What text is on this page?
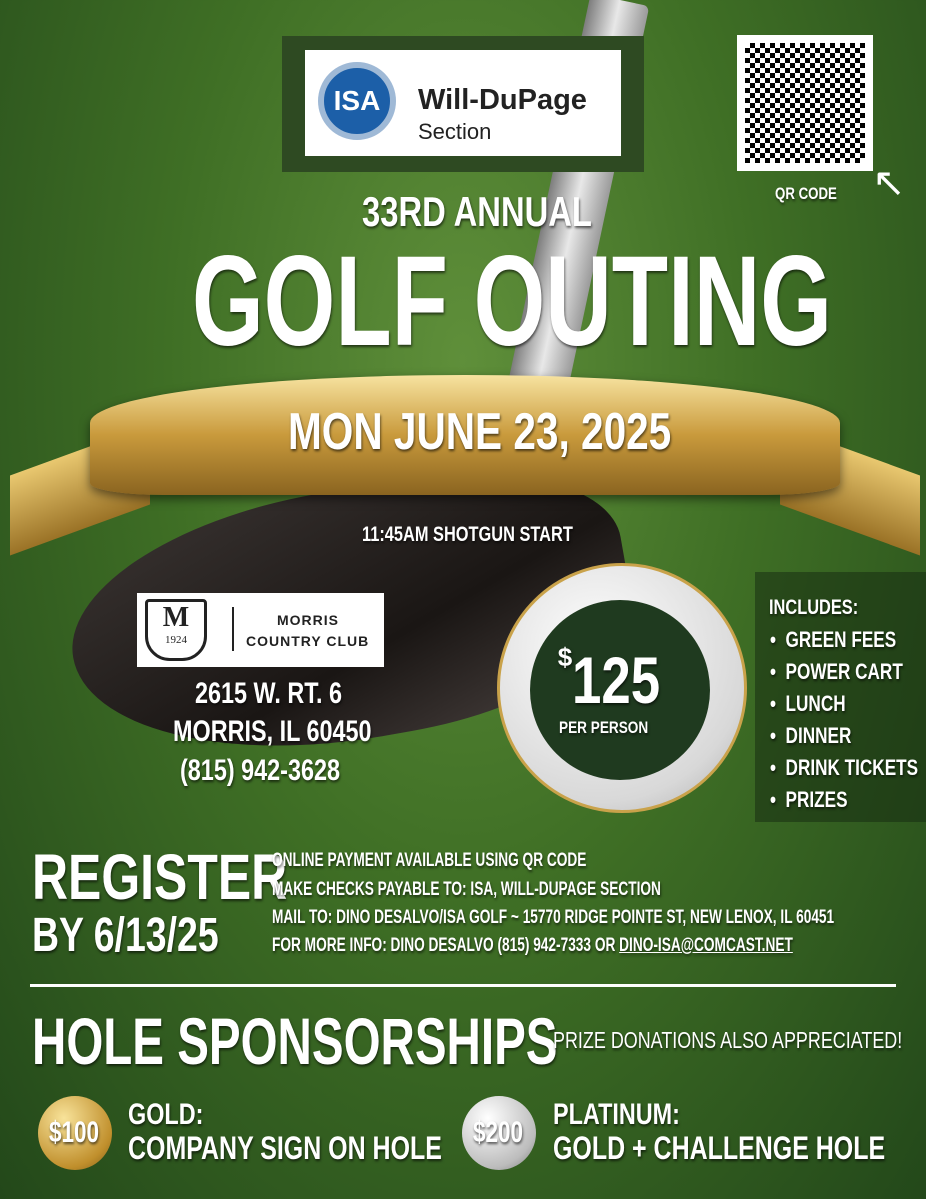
ISA	Will-DuPage
Section
↖
QR CODE
33RD ANNUAL
GOLF OUTING
MON JUNE 23, 2025
11:45AM SHOTGUN START
M
1924
MORRIS
COUNTRY CLUB
2615 W. RT. 6
MORRIS, IL 60450
(815) 942-3628
$125
PER PERSON
INCLUDES:
•  GREEN FEES
•  POWER CART
•  LUNCH
•  DINNER
•  DRINK TICKETS
•  PRIZES
REGISTER
BY 6/13/25
ONLINE PAYMENT AVAILABLE USING QR CODE
MAKE CHECKS PAYABLE TO: ISA, WILL-DUPAGE SECTION
MAIL TO: DINO DESALVO/ISA GOLF ~ 15770 RIDGE POINTE ST, NEW LENOX, IL 60451
FOR MORE INFO: DINO DESALVO (815) 942-7333 OR DINO-ISA@COMCAST.NET
HOLE SPONSORSHIPS
PRIZE DONATIONS ALSO APPRECIATED!
$100
GOLD:
COMPANY SIGN ON HOLE $200
PLATINUM:
GOLD + CHALLENGE HOLE
